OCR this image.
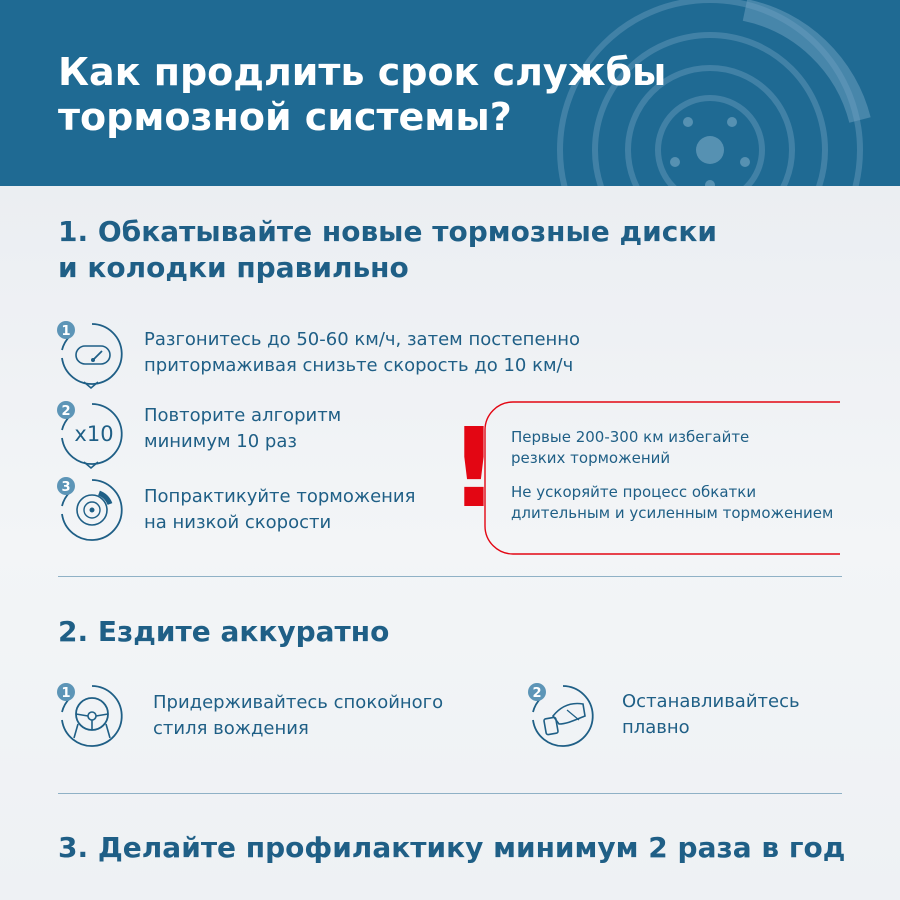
Как продлить срок службы
тормозной системы?
1. Обкатывайте новые тормозные диски
и колодки правильно
1	Разгонитесь до 50-60 км/ч, затем постепенно
притормаживая снизьте скорость до 10 км/ч
x10
2	Повторите алгоритм
минимум 10 раз
3	Попрактикуйте торможения
на низкой скорости	! Первые 200-300 км избегайте
резких торможений
Не ускоряйте процесс обкатки
длительным и усиленным торможением
2. Ездите аккуратно
1	Придерживайтесь спокойного
стиля вождения
2	Останавливайтесь
плавно
3. Делайте профилактику минимум 2 раза в год
